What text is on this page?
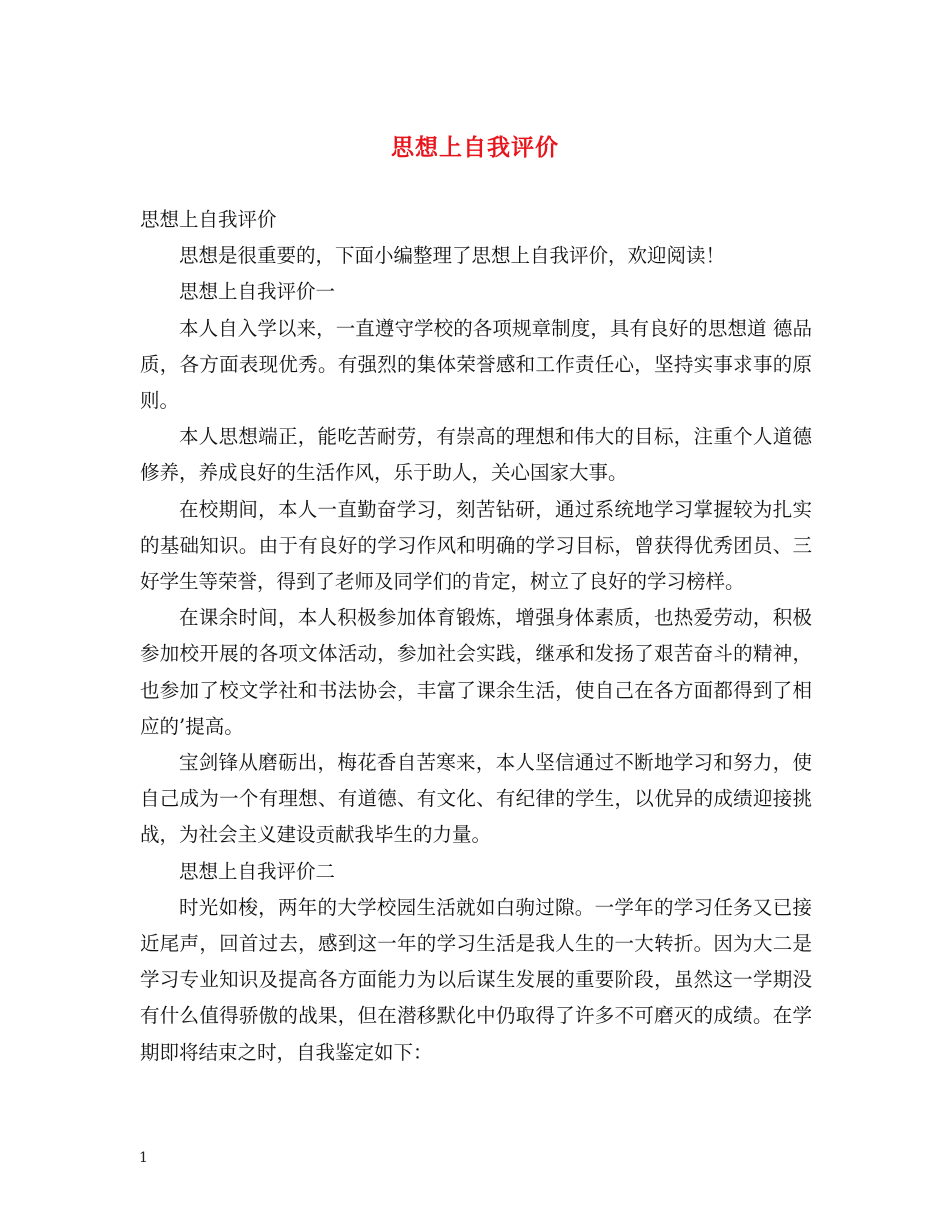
思想上自我评价

思想上自我评价

思想是很重要的，下面小编整理了思想上自我评价，欢迎阅读！

思想上自我评价一

本人自入学以来，一直遵守学校的各项规章制度，具有良好的思想道 德品质，各方面表现优秀。有强烈的集体荣誉感和工作责任心，坚持实事求事的原则。

本人思想端正，能吃苦耐劳，有崇高的理想和伟大的目标，注重个人道德修养，养成良好的生活作风，乐于助人，关心国家大事。

在校期间，本人一直勤奋学习，刻苦钻研，通过系统地学习掌握较为扎实的基础知识。由于有良好的学习作风和明确的学习目标，曾获得优秀团员、三好学生等荣誉，得到了老师及同学们的肯定，树立了良好的学习榜样。

在课余时间，本人积极参加体育锻炼，增强身体素质，也热爱劳动，积极参加校开展的各项文体活动，参加社会实践，继承和发扬了艰苦奋斗的精神，也参加了校文学社和书法协会，丰富了课余生活，使自己在各方面都得到了相应的’提高。

宝剑锋从磨砺出，梅花香自苦寒来，本人坚信通过不断地学习和努力，使自己成为一个有理想、有道德、有文化、有纪律的学生，以优异的成绩迎接挑战，为社会主义建设贡献我毕生的力量。

思想上自我评价二

时光如梭，两年的大学校园生活就如白驹过隙。一学年的学习任务又已接近尾声，回首过去，感到这一年的学习生活是我人生的一大转折。因为大二是学习专业知识及提高各方面能力为以后谋生发展的重要阶段，虽然这一学期没有什么值得骄傲的战果，但在潜移默化中仍取得了许多不可磨灭的成绩。在学期即将结束之时，自我鉴定如下：

1
